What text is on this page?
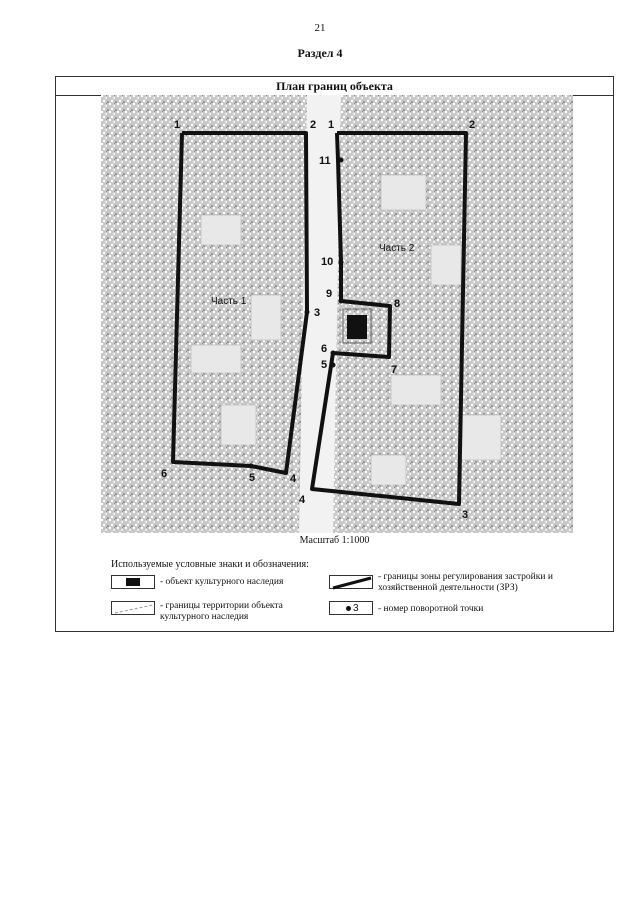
21
Раздел 4
План границ объекта
1	2
3
4
5
6
1	2
3
4
5
6
7
8
9
10
11
Часть 1
Часть 2
Масштаб 1:1000
Используемые условные знаки и обозначения:
- объект культурного наследия
- границы территории объекта культурного наследия
- границы зоны регулирования застройки и хозяйственной деятельности (ЗРЗ)
3 - номер поворотной точки
